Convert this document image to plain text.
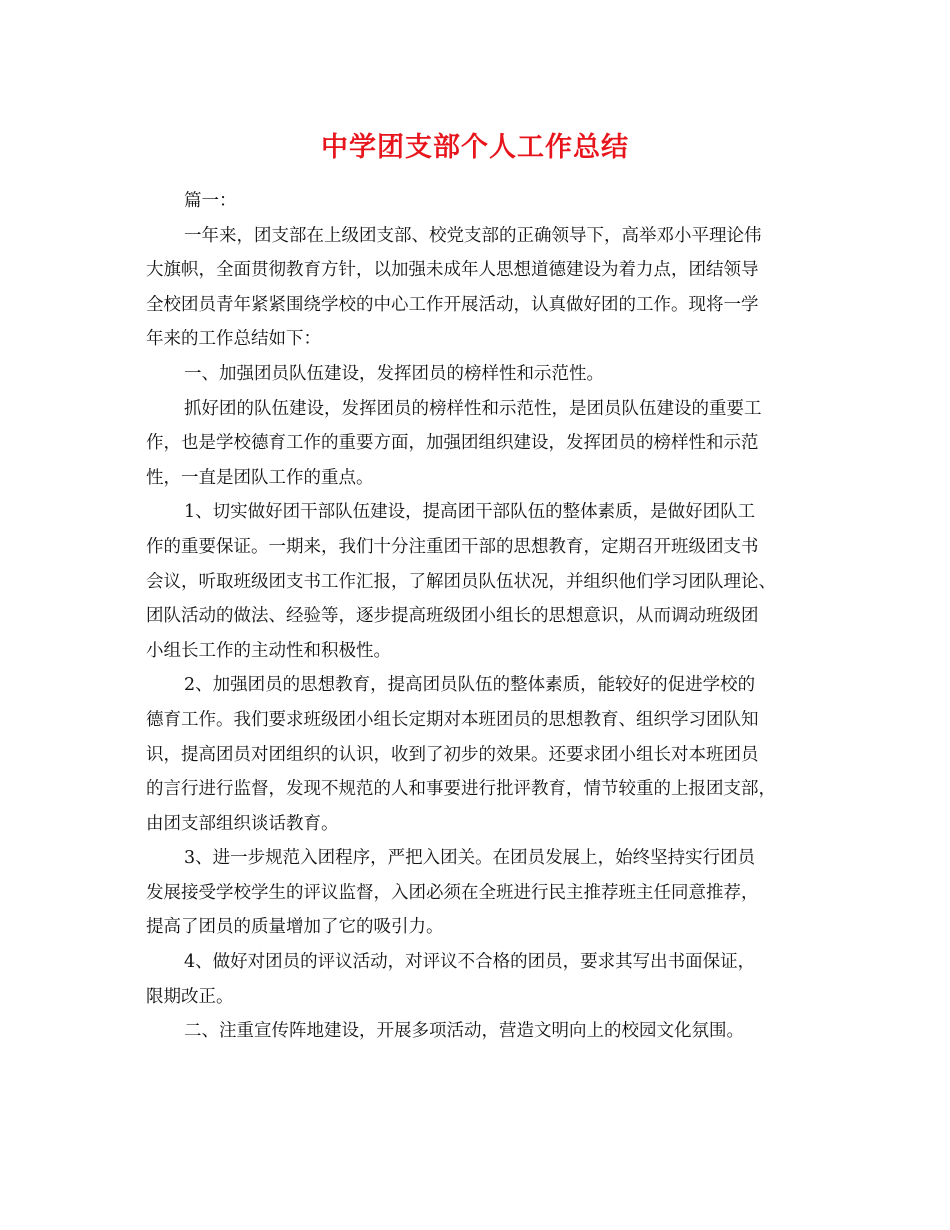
中学团支部个人工作总结
篇一：
一年来，团支部在上级团支部、校党支部的正确领导下，高举邓小平理论伟
大旗帜，全面贯彻教育方针，以加强未成年人思想道德建设为着力点，团结领导
全校团员青年紧紧围绕学校的中心工作开展活动，认真做好团的工作。现将一学
年来的工作总结如下：
一、加强团员队伍建设，发挥团员的榜样性和示范性。
抓好团的队伍建设，发挥团员的榜样性和示范性，是团员队伍建设的重要工
作，也是学校德育工作的重要方面，加强团组织建设，发挥团员的榜样性和示范
性，一直是团队工作的重点。
1、切实做好团干部队伍建设，提高团干部队伍的整体素质，是做好团队工
作的重要保证。一期来，我们十分注重团干部的思想教育，定期召开班级团支书
会议，听取班级团支书工作汇报，了解团员队伍状况，并组织他们学习团队理论、
团队活动的做法、经验等，逐步提高班级团小组长的思想意识，从而调动班级团
小组长工作的主动性和积极性。
2、加强团员的思想教育，提高团员队伍的整体素质，能较好的促进学校的
德育工作。我们要求班级团小组长定期对本班团员的思想教育、组织学习团队知
识，提高团员对团组织的认识，收到了初步的效果。还要求团小组长对本班团员
的言行进行监督，发现不规范的人和事要进行批评教育，情节较重的上报团支部，
由团支部组织谈话教育。
3、进一步规范入团程序，严把入团关。在团员发展上，始终坚持实行团员
发展接受学校学生的评议监督，入团必须在全班进行民主推荐班主任同意推荐，
提高了团员的质量增加了它的吸引力。
4、做好对团员的评议活动，对评议不合格的团员，要求其写出书面保证，
限期改正。
二、注重宣传阵地建设，开展多项活动，营造文明向上的校园文化氛围。
